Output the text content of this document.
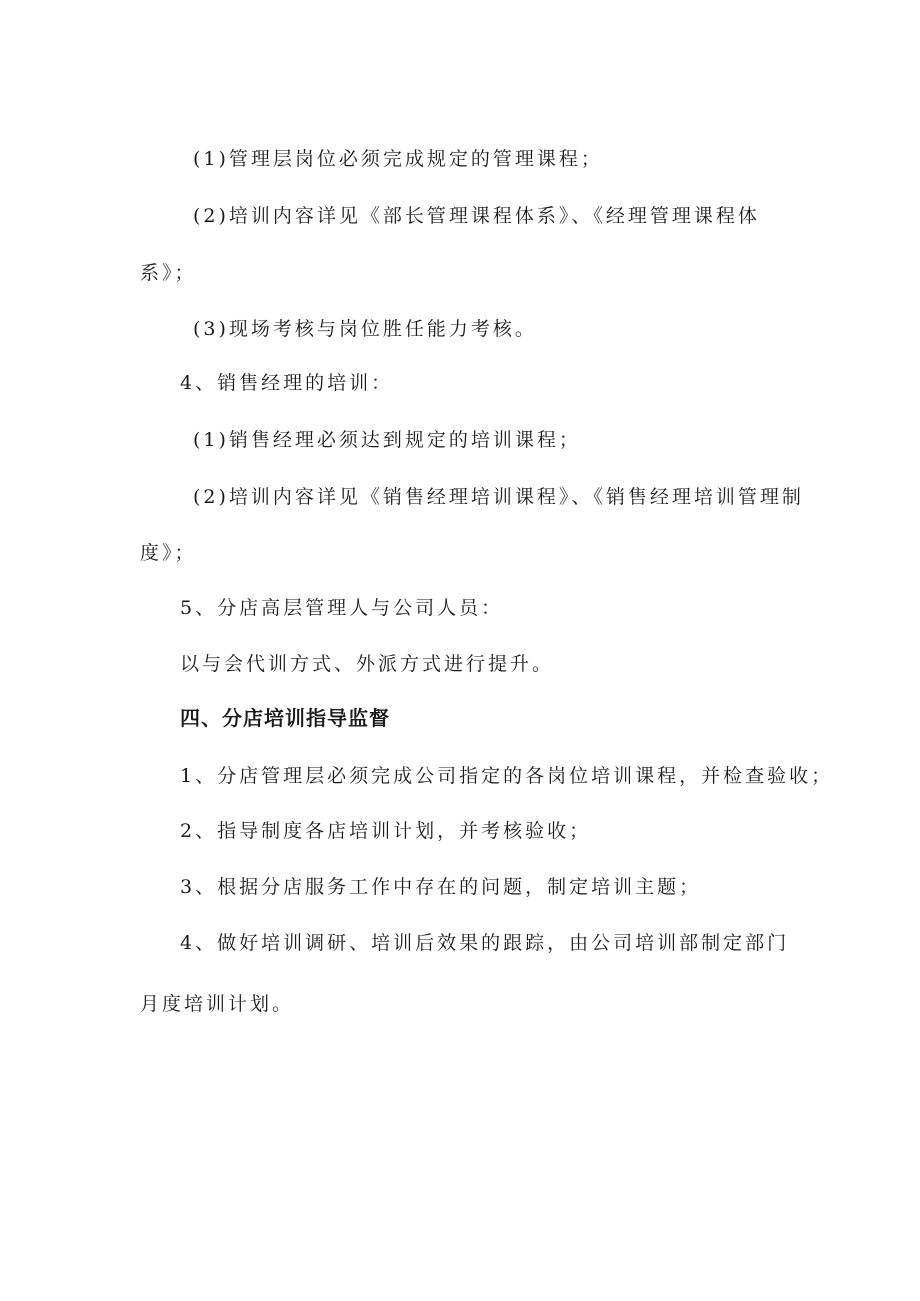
(1)管理层岗位必须完成规定的管理课程；
(2)培训内容详见《部长管理课程体系》、《经理管理课程体
系》；
(3)现场考核与岗位胜任能力考核。
4、销售经理的培训：
(1)销售经理必须达到规定的培训课程；
(2)培训内容详见《销售经理培训课程》、《销售经理培训管理制
度》；
5、分店高层管理人与公司人员：
以与会代训方式、外派方式进行提升。
四、分店培训指导监督
1、分店管理层必须完成公司指定的各岗位培训课程，并检查验收；
2、指导制度各店培训计划，并考核验收；
3、根据分店服务工作中存在的问题，制定培训主题；
4、做好培训调研、培训后效果的跟踪，由公司培训部制定部门
月度培训计划。
